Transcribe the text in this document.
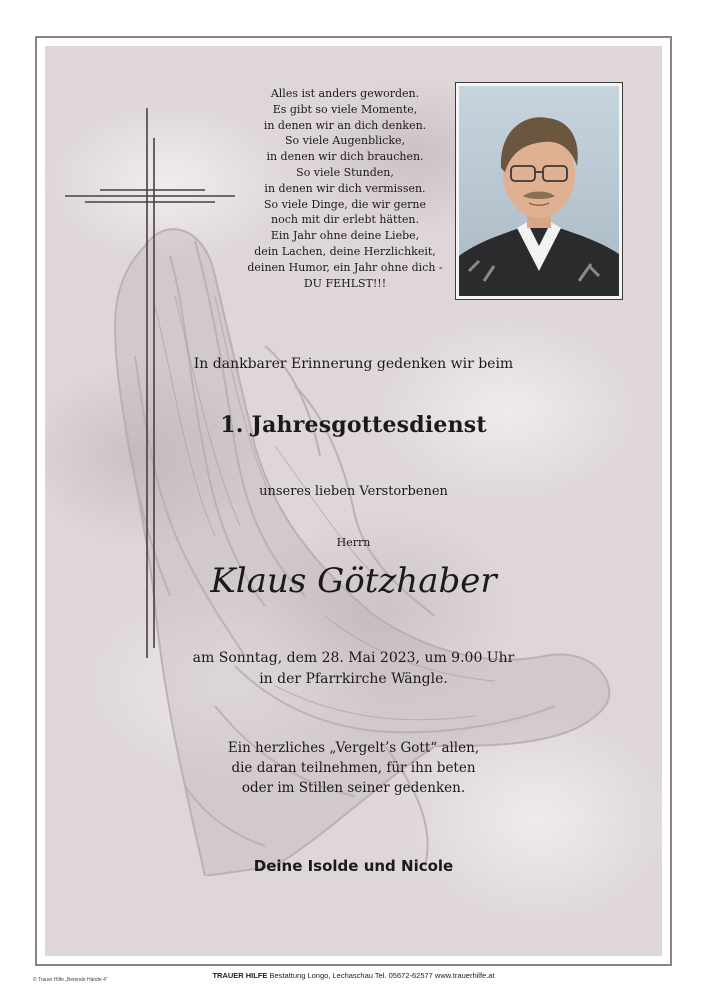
Alles ist anders geworden.
Es gibt so viele Momente,
in denen wir an dich denken.
So viele Augenblicke,
in denen wir dich brauchen.
So viele Stunden,
in denen wir dich vermissen.
So viele Dinge, die wir gerne
noch mit dir erlebt hätten.
Ein Jahr ohne deine Liebe,
dein Lachen, deine Herzlichkeit,
deinen Humor, ein Jahr ohne dich -
DU FEHLST!!!
In dankbarer Erinnerung gedenken wir beim
1. Jahresgottesdienst
unseres lieben Verstorbenen
Herrn
Klaus Götzhaber
am Sonntag, dem 28. Mai 2023, um 9.00 Uhr
in der Pfarrkirche Wängle.
Ein herzliches „Vergelt’s Gott“ allen,
die daran teilnehmen, für ihn beten
oder im Stillen seiner gedenken.
Deine Isolde und Nicole
© Trauer Hilfe „Betende Hände 4“	TRAUER HILFE Bestattung Longo, Lechaschau Tel. 05672-62577 www.trauerhilfe.at
